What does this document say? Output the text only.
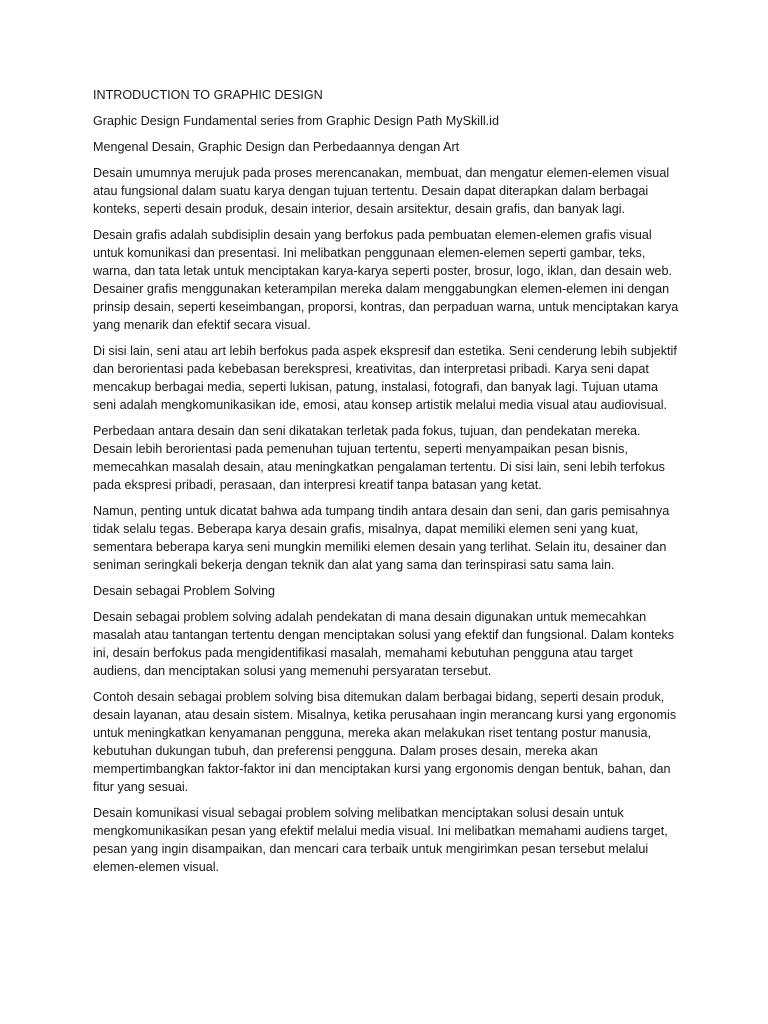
INTRODUCTION TO GRAPHIC DESIGN

Graphic Design Fundamental series from Graphic Design Path MySkill.id

Mengenal Desain, Graphic Design dan Perbedaannya dengan Art

Desain umumnya merujuk pada proses merencanakan, membuat, dan mengatur elemen-elemen visual atau fungsional dalam suatu karya dengan tujuan tertentu. Desain dapat diterapkan dalam berbagai konteks, seperti desain produk, desain interior, desain arsitektur, desain grafis, dan banyak lagi.

Desain grafis adalah subdisiplin desain yang berfokus pada pembuatan elemen-elemen grafis visual untuk komunikasi dan presentasi. Ini melibatkan penggunaan elemen-elemen seperti gambar, teks, warna, dan tata letak untuk menciptakan karya-karya seperti poster, brosur, logo, iklan, dan desain web. Desainer grafis menggunakan keterampilan mereka dalam menggabungkan elemen-elemen ini dengan prinsip desain, seperti keseimbangan, proporsi, kontras, dan perpaduan warna, untuk menciptakan karya yang menarik dan efektif secara visual.

Di sisi lain, seni atau art lebih berfokus pada aspek ekspresif dan estetika. Seni cenderung lebih subjektif dan berorientasi pada kebebasan berekspresi, kreativitas, dan interpretasi pribadi. Karya seni dapat mencakup berbagai media, seperti lukisan, patung, instalasi, fotografi, dan banyak lagi. Tujuan utama seni adalah mengkomunikasikan ide, emosi, atau konsep artistik melalui media visual atau audiovisual.

Perbedaan antara desain dan seni dikatakan terletak pada fokus, tujuan, dan pendekatan mereka. Desain lebih berorientasi pada pemenuhan tujuan tertentu, seperti menyampaikan pesan bisnis, memecahkan masalah desain, atau meningkatkan pengalaman tertentu. Di sisi lain, seni lebih terfokus pada ekspresi pribadi, perasaan, dan interpresi kreatif tanpa batasan yang ketat.

Namun, penting untuk dicatat bahwa ada tumpang tindih antara desain dan seni, dan garis pemisahnya tidak selalu tegas. Beberapa karya desain grafis, misalnya, dapat memiliki elemen seni yang kuat, sementara beberapa karya seni mungkin memiliki elemen desain yang terlihat. Selain itu, desainer dan seniman seringkali bekerja dengan teknik dan alat yang sama dan terinspirasi satu sama lain.

Desain sebagai Problem Solving

Desain sebagai problem solving adalah pendekatan di mana desain digunakan untuk memecahkan masalah atau tantangan tertentu dengan menciptakan solusi yang efektif dan fungsional. Dalam konteks ini, desain berfokus pada mengidentifikasi masalah, memahami kebutuhan pengguna atau target audiens, dan menciptakan solusi yang memenuhi persyaratan tersebut.

Contoh desain sebagai problem solving bisa ditemukan dalam berbagai bidang, seperti desain produk, desain layanan, atau desain sistem. Misalnya, ketika perusahaan ingin merancang kursi yang ergonomis untuk meningkatkan kenyamanan pengguna, mereka akan melakukan riset tentang postur manusia, kebutuhan dukungan tubuh, dan preferensi pengguna. Dalam proses desain, mereka akan mempertimbangkan faktor-faktor ini dan menciptakan kursi yang ergonomis dengan bentuk, bahan, dan fitur yang sesuai.

Desain komunikasi visual sebagai problem solving melibatkan menciptakan solusi desain untuk mengkomunikasikan pesan yang efektif melalui media visual. Ini melibatkan memahami audiens target, pesan yang ingin disampaikan, dan mencari cara terbaik untuk mengirimkan pesan tersebut melalui elemen-elemen visual.
